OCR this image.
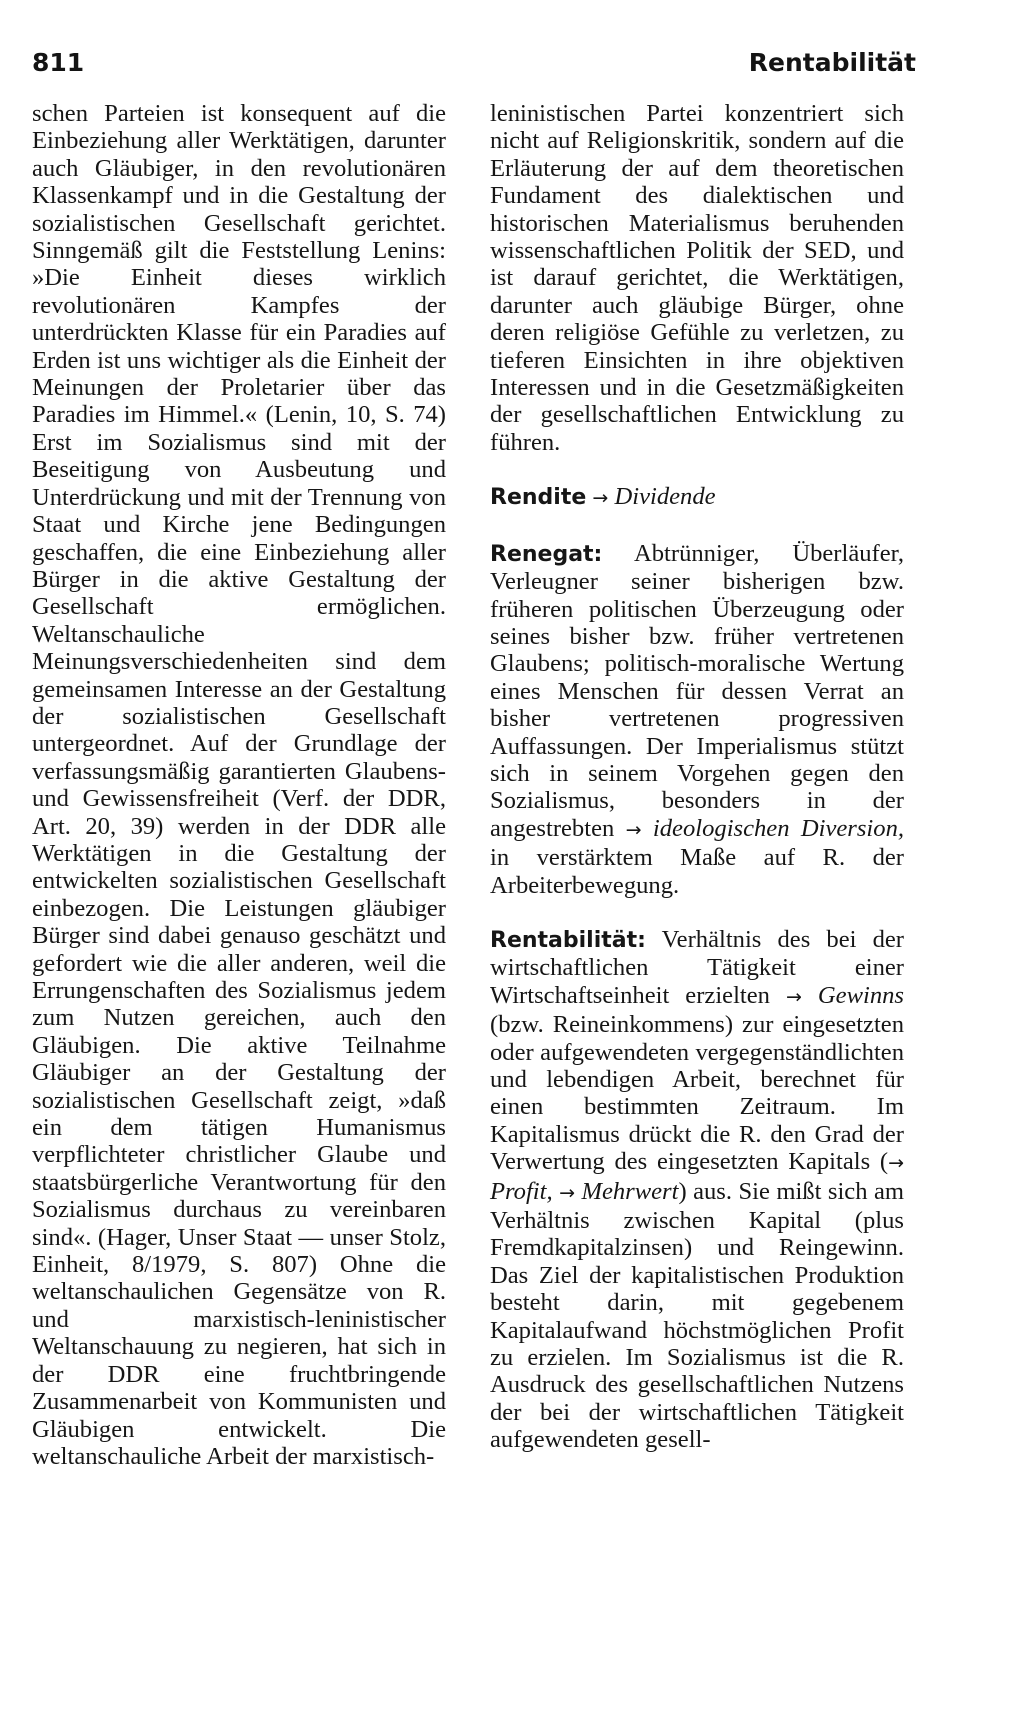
811	Rentabilität

schen Parteien ist konsequent auf die Einbeziehung aller Werktätigen, darunter auch Gläubiger, in den revolutionären Klassenkampf und in die Gestaltung der sozialistischen Gesellschaft gerichtet. Sinngemäß gilt die Feststellung Lenins: »Die Einheit dieses wirklich revolutionären Kampfes der unterdrückten Klasse für ein Paradies auf Erden ist uns wichtiger als die Einheit der Meinungen der Proletarier über das Paradies im Himmel.« (Lenin, 10, S. 74) Erst im Sozialismus sind mit der Beseitigung von Ausbeutung und Unterdrückung und mit der Trennung von Staat und Kirche jene Bedingungen geschaffen, die eine Einbeziehung aller Bürger in die aktive Gestaltung der Gesellschaft ermöglichen. Weltanschauliche Meinungsverschiedenheiten sind dem gemeinsamen Interesse an der Gestaltung der sozialistischen Gesellschaft untergeordnet. Auf der Grundlage der verfassungsmäßig garantierten Glaubens- und Gewissensfreiheit (Verf. der DDR, Art. 20, 39) werden in der DDR alle Werktätigen in die Gestaltung der entwickelten sozialistischen Gesellschaft einbezogen. Die Leistungen gläubiger Bürger sind dabei genauso geschätzt und gefordert wie die aller anderen, weil die Errungenschaften des Sozialismus jedem zum Nutzen gereichen, auch den Gläubigen. Die aktive Teilnahme Gläubiger an der Gestaltung der sozialistischen Gesellschaft zeigt, »daß ein dem tätigen Humanismus verpflichteter christlicher Glaube und staatsbürgerliche Verantwortung für den Sozialismus durchaus zu vereinbaren sind«. (Hager, Unser Staat — unser Stolz, Einheit, 8/1979, S. 807) Ohne die weltanschaulichen Gegensätze von R. und marxistisch-leninistischer Weltanschauung zu negieren, hat sich in der DDR eine fruchtbringende Zusammenarbeit von Kommunisten und Gläubigen entwickelt. Die weltanschauliche Arbeit der marxistisch-

leninistischen Partei konzentriert sich nicht auf Religionskritik, sondern auf die Erläuterung der auf dem theoretischen Fundament des dialektischen und historischen Materialismus beruhenden wissenschaftlichen Politik der SED, und ist darauf gerichtet, die Werktätigen, darunter auch gläubige Bürger, ohne deren religiöse Gefühle zu verletzen, zu tieferen Einsichten in ihre objektiven Interessen und in die Gesetzmäßigkeiten der gesellschaftlichen Entwicklung zu führen.

Rendite → Dividende

Renegat: Abtrünniger, Überläufer, Verleugner seiner bisherigen bzw. früheren politischen Überzeugung oder seines bisher bzw. früher vertretenen Glaubens; politisch-moralische Wertung eines Menschen für dessen Verrat an bisher vertretenen progressiven Auffassungen. Der Imperialismus stützt sich in seinem Vorgehen gegen den Sozialismus, besonders in der angestrebten → ideologischen Diversion, in verstärktem Maße auf R. der Arbeiterbewegung.

Rentabilität: Verhältnis des bei der wirtschaftlichen Tätigkeit einer Wirtschaftseinheit erzielten → Gewinns (bzw. Reineinkommens) zur eingesetzten oder aufgewendeten vergegenständlichten und lebendigen Arbeit, berechnet für einen bestimmten Zeitraum. Im Kapitalismus drückt die R. den Grad der Verwertung des eingesetzten Kapitals (→ Profit, → Mehrwert) aus. Sie mißt sich am Verhältnis zwischen Kapital (plus Fremdkapitalzinsen) und Reingewinn. Das Ziel der kapitalistischen Produktion besteht darin, mit gegebenem Kapitalaufwand höchstmöglichen Profit zu erzielen. Im Sozialismus ist die R. Ausdruck des gesellschaftlichen Nutzens der bei der wirtschaftlichen Tätigkeit aufgewendeten gesell-
